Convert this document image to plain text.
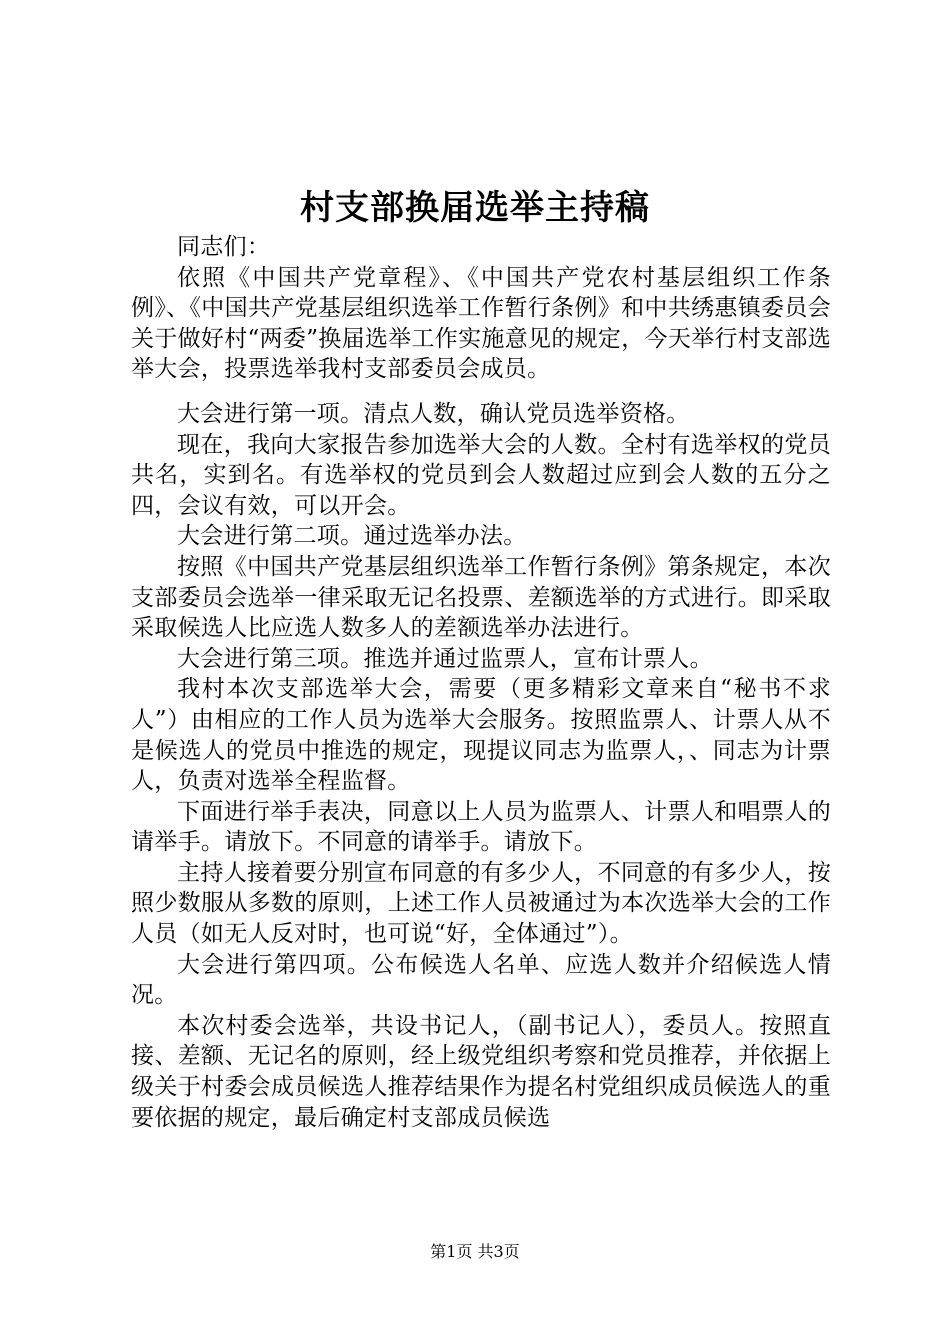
村支部换届选举主持稿

同志们：

依照《中国共产党章程》、《中国共产党农村基层组织工作条例》、《中国共产党基层组织选举工作暂行条例》和中共绣惠镇委员会关于做好村“两委”换届选举工作实施意见的规定，今天举行村支部选举大会，投票选举我村支部委员会成员。

大会进行第一项。清点人数，确认党员选举资格。

现在，我向大家报告参加选举大会的人数。全村有选举权的党员共名，实到名。有选举权的党员到会人数超过应到会人数的五分之四，会议有效，可以开会。

大会进行第二项。通过选举办法。

按照《中国共产党基层组织选举工作暂行条例》第条规定，本次支部委员会选举一律采取无记名投票、差额选举的方式进行。即采取采取候选人比应选人数多人的差额选举办法进行。

大会进行第三项。推选并通过监票人，宣布计票人。

我村本次支部选举大会，需要（更多精彩文章来自“秘书不求人”）由相应的工作人员为选举大会服务。按照监票人、计票人从不是候选人的党员中推选的规定，现提议同志为监票人，、同志为计票人，负责对选举全程监督。

下面进行举手表决，同意以上人员为监票人、计票人和唱票人的请举手。请放下。不同意的请举手。请放下。

主持人接着要分别宣布同意的有多少人，不同意的有多少人，按照少数服从多数的原则，上述工作人员被通过为本次选举大会的工作人员（如无人反对时，也可说“好，全体通过”）。

大会进行第四项。公布候选人名单、应选人数并介绍候选人情况。

本次村委会选举，共设书记人，（副书记人），委员人。按照直接、差额、无记名的原则，经上级党组织考察和党员推荐，并依据上级关于村委会成员候选人推荐结果作为提名村党组织成员候选人的重要依据的规定，最后确定村支部成员候选

第1页 共3页
